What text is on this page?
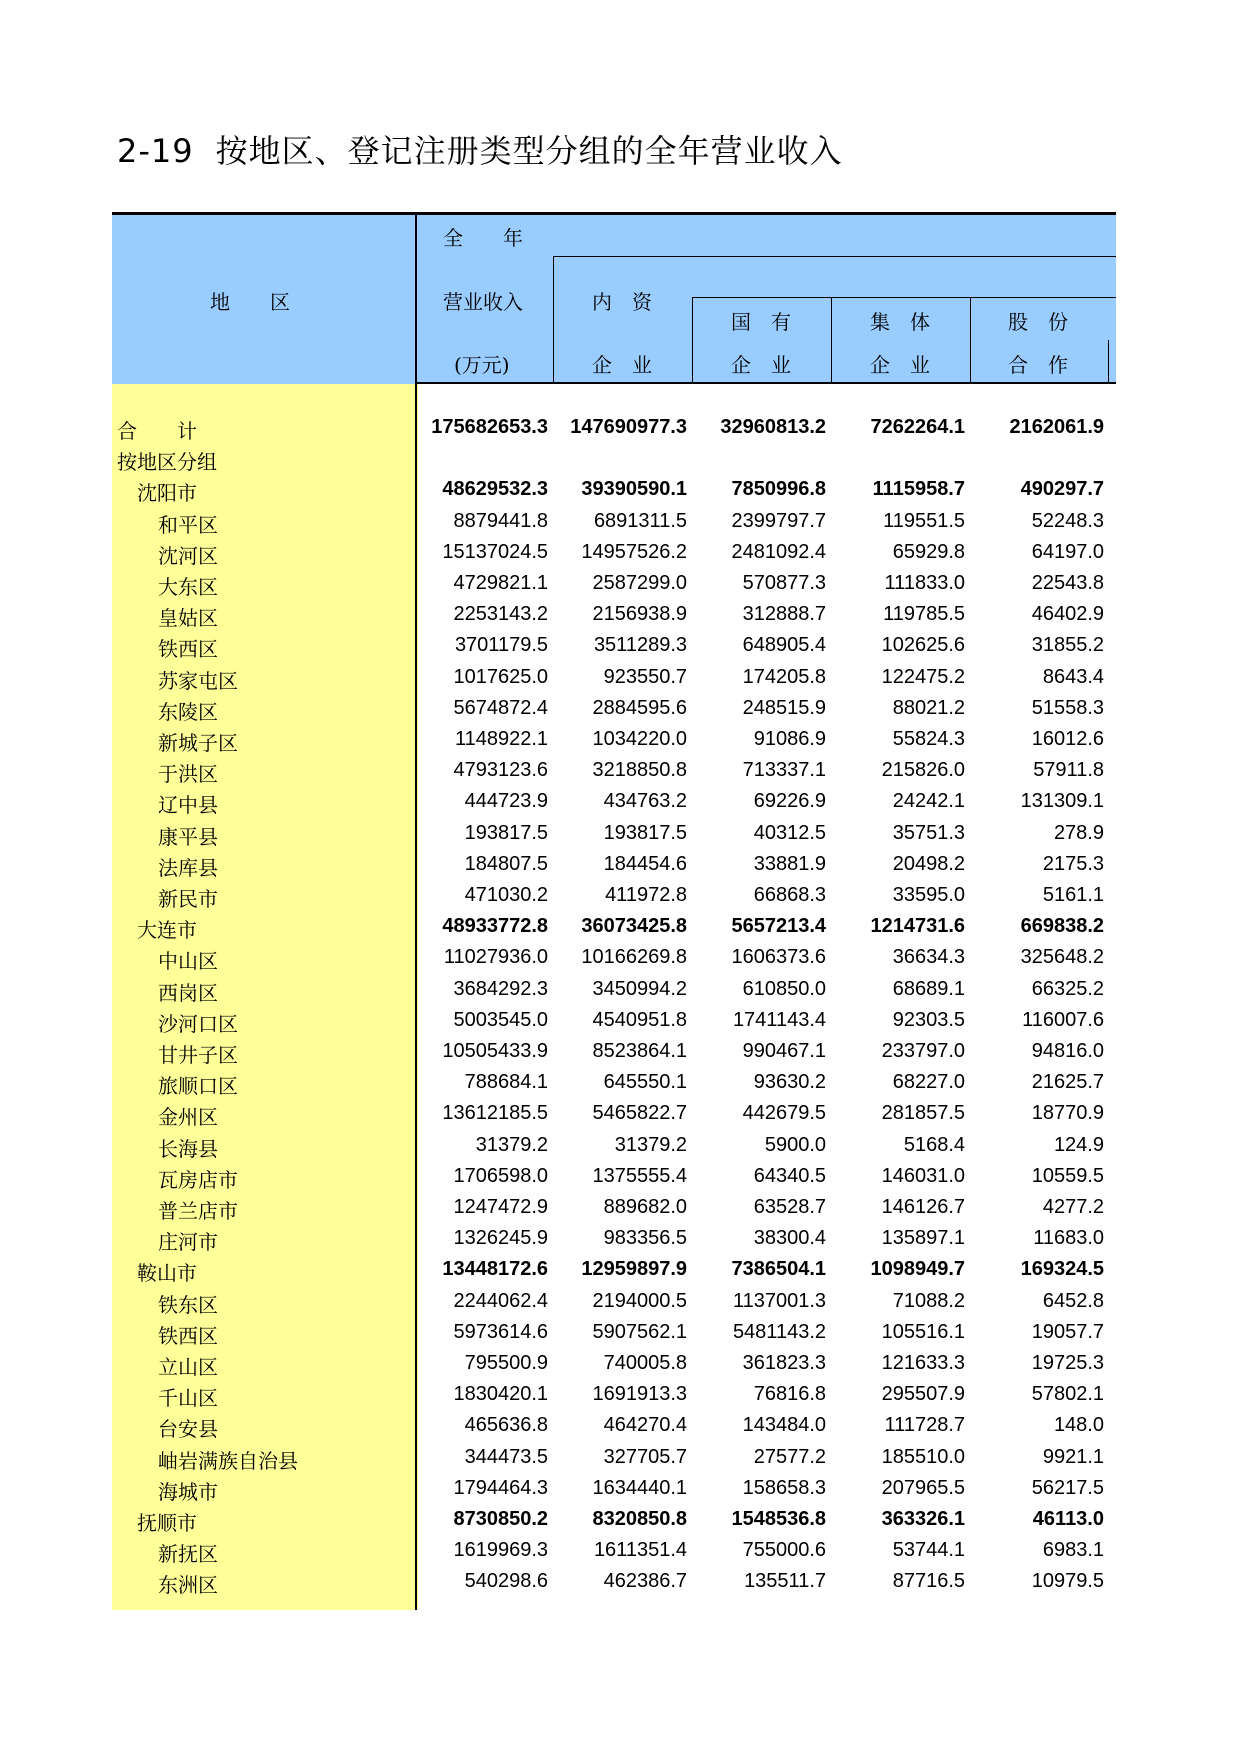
2-19 按地区、登记注册类型分组的全年营业收入
地　　区
全　　年
营业收入
(万元)
内　资
企　业
国　有
企　业
集　体
企　业
股　份
合　作
合　　计	175682653.3	147690977.3	32960813.2	7262264.1	2162061.9
按地区分组
沈阳市	48629532.3	39390590.1	7850996.8	1115958.7	490297.7
和平区	8879441.8	6891311.5	2399797.7	119551.5	52248.3
沈河区	15137024.5	14957526.2	2481092.4	65929.8	64197.0
大东区	4729821.1	2587299.0	570877.3	111833.0	22543.8
皇姑区	2253143.2	2156938.9	312888.7	119785.5	46402.9
铁西区	3701179.5	3511289.3	648905.4	102625.6	31855.2
苏家屯区	1017625.0	923550.7	174205.8	122475.2	8643.4
东陵区	5674872.4	2884595.6	248515.9	88021.2	51558.3
新城子区	1148922.1	1034220.0	91086.9	55824.3	16012.6
于洪区	4793123.6	3218850.8	713337.1	215826.0	57911.8
辽中县	444723.9	434763.2	69226.9	24242.1	131309.1
康平县	193817.5	193817.5	40312.5	35751.3	278.9
法库县	184807.5	184454.6	33881.9	20498.2	2175.3
新民市	471030.2	411972.8	66868.3	33595.0	5161.1
大连市	48933772.8	36073425.8	5657213.4	1214731.6	669838.2
中山区	11027936.0	10166269.8	1606373.6	36634.3	325648.2
西岗区	3684292.3	3450994.2	610850.0	68689.1	66325.2
沙河口区	5003545.0	4540951.8	1741143.4	92303.5	116007.6
甘井子区	10505433.9	8523864.1	990467.1	233797.0	94816.0
旅顺口区	788684.1	645550.1	93630.2	68227.0	21625.7
金州区	13612185.5	5465822.7	442679.5	281857.5	18770.9
长海县	31379.2	31379.2	5900.0	5168.4	124.9
瓦房店市	1706598.0	1375555.4	64340.5	146031.0	10559.5
普兰店市	1247472.9	889682.0	63528.7	146126.7	4277.2
庄河市	1326245.9	983356.5	38300.4	135897.1	11683.0
鞍山市	13448172.6	12959897.9	7386504.1	1098949.7	169324.5
铁东区	2244062.4	2194000.5	1137001.3	71088.2	6452.8
铁西区	5973614.6	5907562.1	5481143.2	105516.1	19057.7
立山区	795500.9	740005.8	361823.3	121633.3	19725.3
千山区	1830420.1	1691913.3	76816.8	295507.9	57802.1
台安县	465636.8	464270.4	143484.0	111728.7	148.0
岫岩满族自治县	344473.5	327705.7	27577.2	185510.0	9921.1
海城市	1794464.3	1634440.1	158658.3	207965.5	56217.5
抚顺市	8730850.2	8320850.8	1548536.8	363326.1	46113.0
新抚区	1619969.3	1611351.4	755000.6	53744.1	6983.1
东洲区	540298.6	462386.7	135511.7	87716.5	10979.5
